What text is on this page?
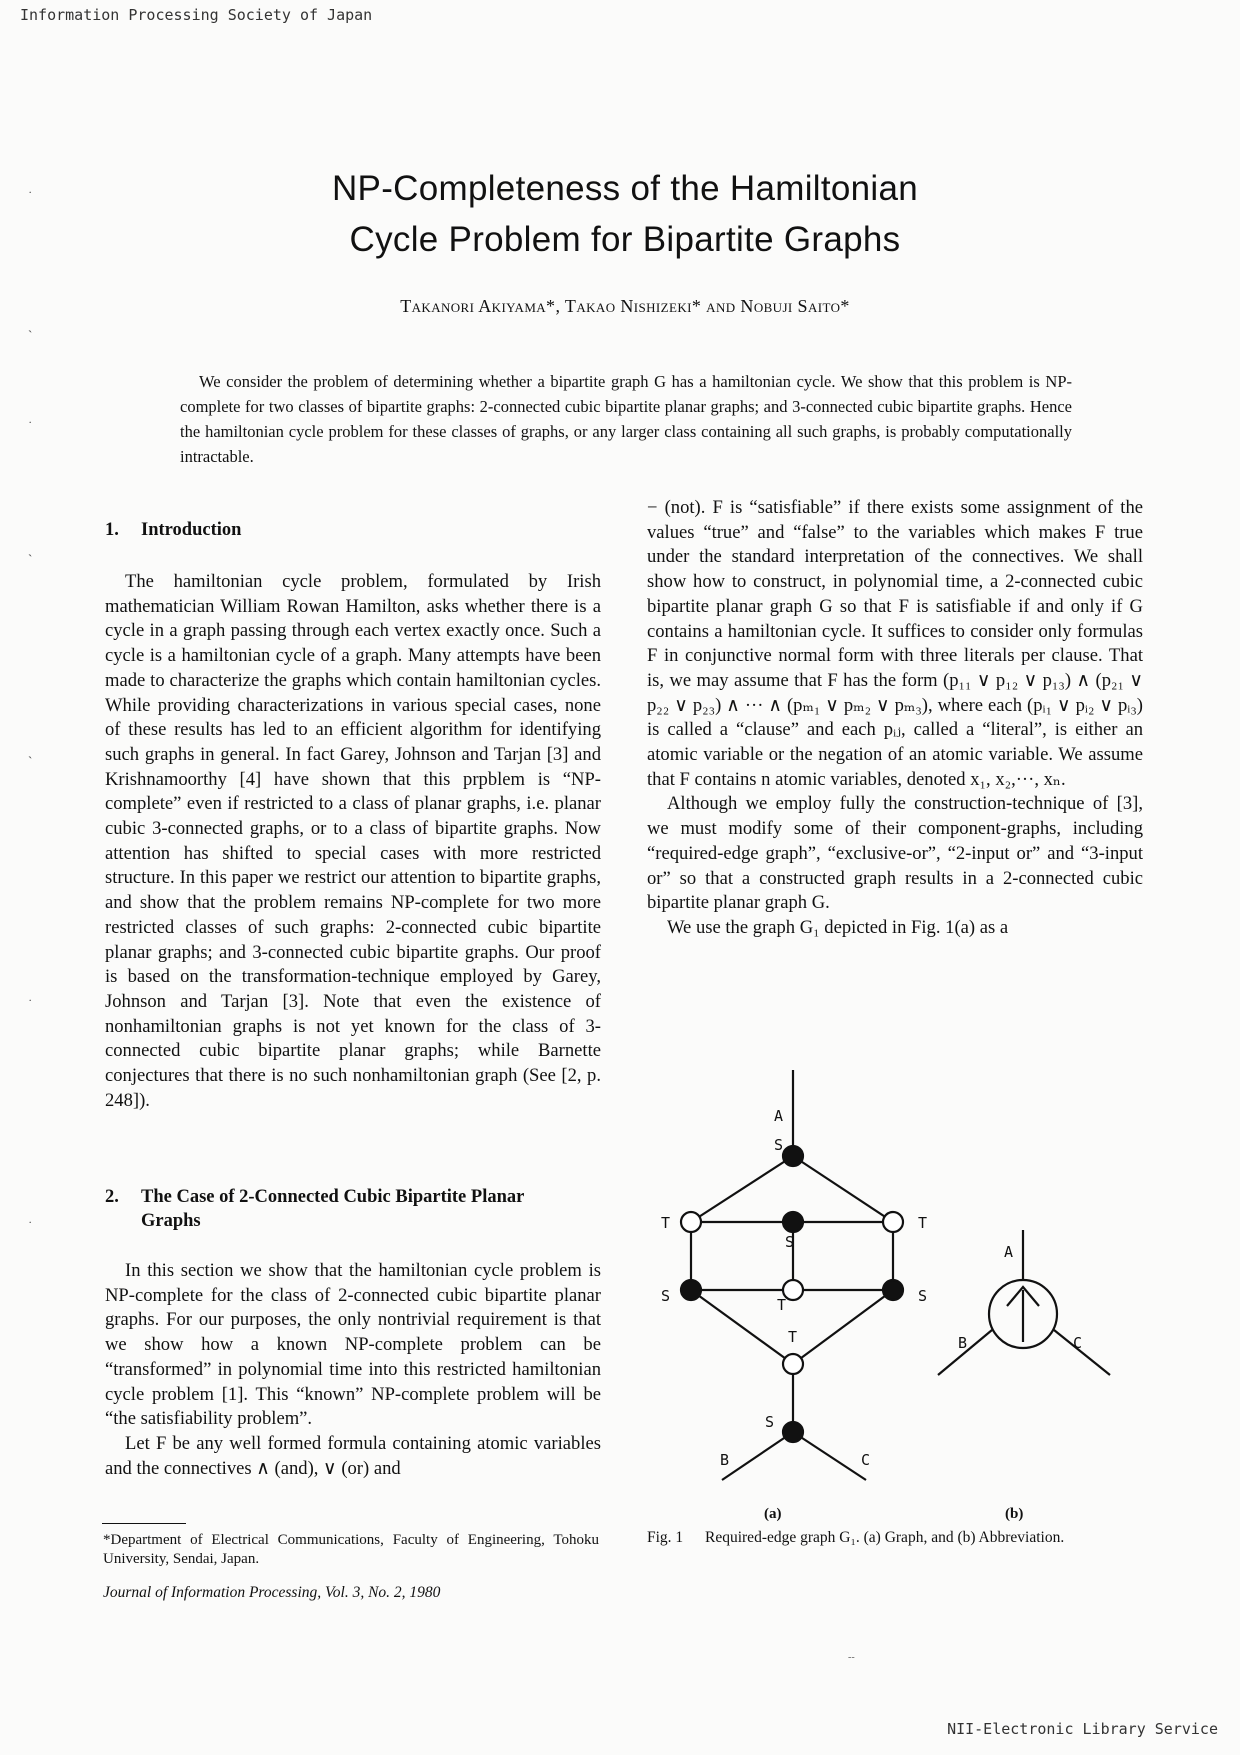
Information Processing Society of Japan
NP-Completeness of the Hamiltonian
Cycle Problem for Bipartite Graphs
Takanori Akiyama*, Takao Nishizeki* and Nobuji Saito*
We consider the problem of determining whether a bipartite graph G has a hamiltonian cycle. We show that this problem is NP-complete for two classes of bipartite graphs: 2-connected cubic bipartite planar graphs; and 3-connected cubic bipartite graphs. Hence the hamiltonian cycle problem for these classes of graphs, or any larger class containing all such graphs, is probably computationally intractable.
1. Introduction

The hamiltonian cycle problem, formulated by Irish mathematician William Rowan Hamilton, asks whether there is a cycle in a graph passing through each vertex exactly once. Such a cycle is a hamiltonian cycle of a graph. Many attempts have been made to characterize the graphs which contain hamiltonian cycles. While providing characterizations in various special cases, none of these results has led to an efficient algorithm for identifying such graphs in general. In fact Garey, Johnson and Tarjan [3] and Krishnamoorthy [4] have shown that this prpblem is “NP-complete” even if restricted to a class of planar graphs, i.e. planar cubic 3-connected graphs, or to a class of bipartite graphs. Now attention has shifted to special cases with more restricted structure. In this paper we restrict our attention to bipartite graphs, and show that the problem remains NP-complete for two more restricted classes of such graphs: 2-connected cubic bipartite planar graphs; and 3-connected cubic bipartite graphs. Our proof is based on the transformation-technique employed by Garey, Johnson and Tarjan [3]. Note that even the existence of nonhamiltonian graphs is not yet known for the class of 3-connected cubic bipartite planar graphs; while Barnette conjectures that there is no such nonhamiltonian graph (See [2, p. 248]).

2. The Case of 2-Connected Cubic Bipartite Planar
Graphs

In this section we show that the hamiltonian cycle problem is NP-complete for the class of 2-connected cubic bipartite planar graphs. For our purposes, the only nontrivial requirement is that we show how a known NP-complete problem can be “transformed” in polynomial time into this restricted hamiltonian cycle problem [1]. This “known” NP-complete problem will be “the satisfiability problem”.

Let F be any well formed formula containing atomic variables and the connectives ∧ (and), ∨ (or) and

*Department of Electrical Communications, Faculty of Engineering, Tohoku University, Sendai, Japan.
Journal of Information Processing, Vol. 3, No. 2, 1980

− (not). F is “satisfiable” if there exists some assignment of the values “true” and “false” to the variables which makes F true under the standard interpretation of the connectives. We shall show how to construct, in polynomial time, a 2-connected cubic bipartite planar graph G so that F is satisfiable if and only if G contains a hamiltonian cycle. It suffices to consider only formulas F in conjunctive normal form with three literals per clause. That is, we may assume that F has the form (p₁₁ ∨ p₁₂ ∨ p₁₃) ∧ (p₂₁ ∨ p₂₂ ∨ p₂₃) ∧ ··· ∧ (pₘ₁ ∨ pₘ₂ ∨ pₘ₃), where each (pᵢ₁ ∨ pᵢ₂ ∨ pᵢ₃) is called a “clause” and each pᵢⱼ, called a “literal”, is either an atomic variable or the negation of an atomic variable. We assume that F contains n atomic variables, denoted x₁, x₂,···, xₙ.

Although we employ fully the construction-technique of [3], we must modify some of their component-graphs, including “required-edge graph”, “exclusive-or”, “2-input or” and “3-input or” so that a constructed graph results in a 2-connected cubic bipartite planar graph G.

We use the graph G₁ depicted in Fig. 1(a) as a

A
S
T
S
T
S	T	S
T
S
B	C
(a)
A
B	C
(b)
Fig. 1	Required-edge graph G₁. (a) Graph, and (b) Abbreviation.
˙
ˎ
˙
ˎ
ˎ
˙
˙
‐‐
NII-Electronic Library Service
